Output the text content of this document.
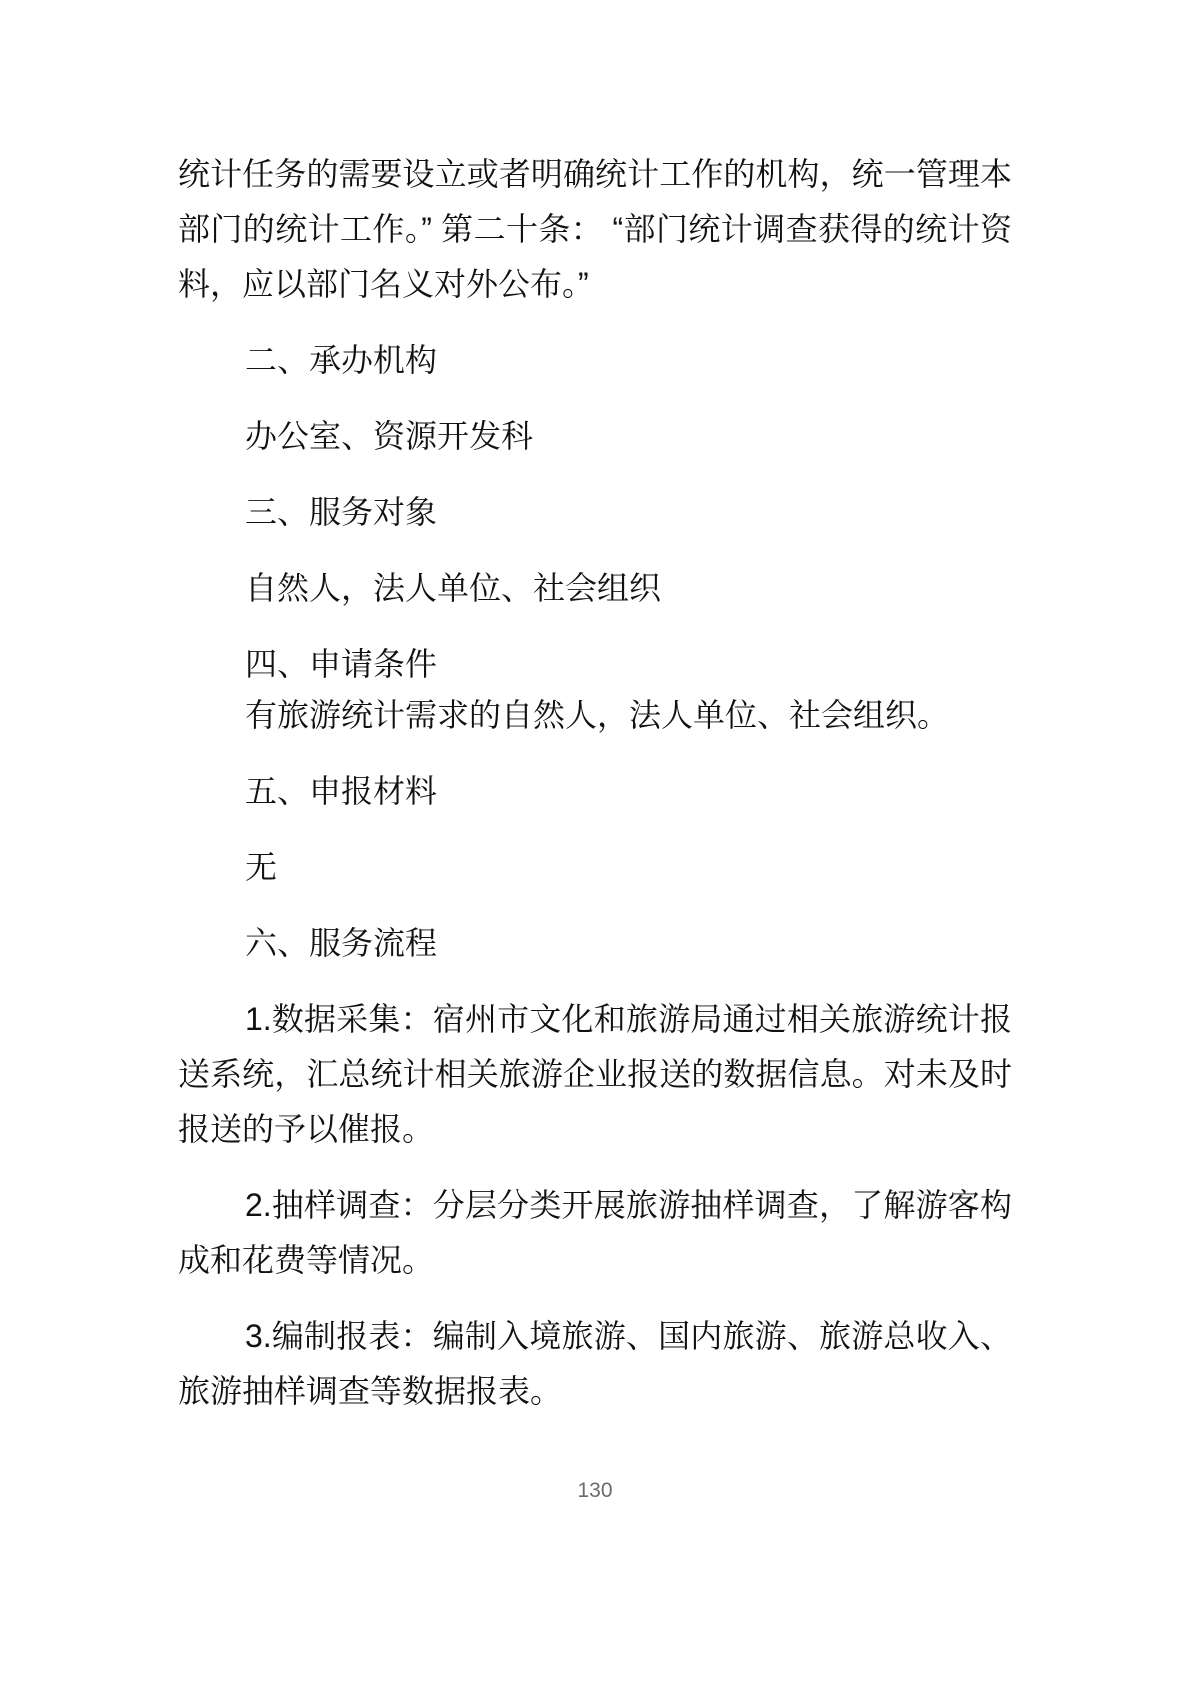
统计任务的需要设立或者明确统计工作的机构，统一管理本部门的统计工作。” 第二十条： “部门统计调查获得的统计资料，应以部门名义对外公布。”

二、承办机构

办公室、资源开发科

三、服务对象

自然人，法人单位、社会组织

四、申请条件

有旅游统计需求的自然人，法人单位、社会组织。

五、申报材料

无

六、服务流程

1.数据采集：宿州市文化和旅游局通过相关旅游统计报送系统，汇总统计相关旅游企业报送的数据信息。对未及时报送的予以催报。

2.抽样调查：分层分类开展旅游抽样调查，了解游客构成和花费等情况。

3.编制报表：编制入境旅游、国内旅游、旅游总收入、旅游抽样调查等数据报表。

130
